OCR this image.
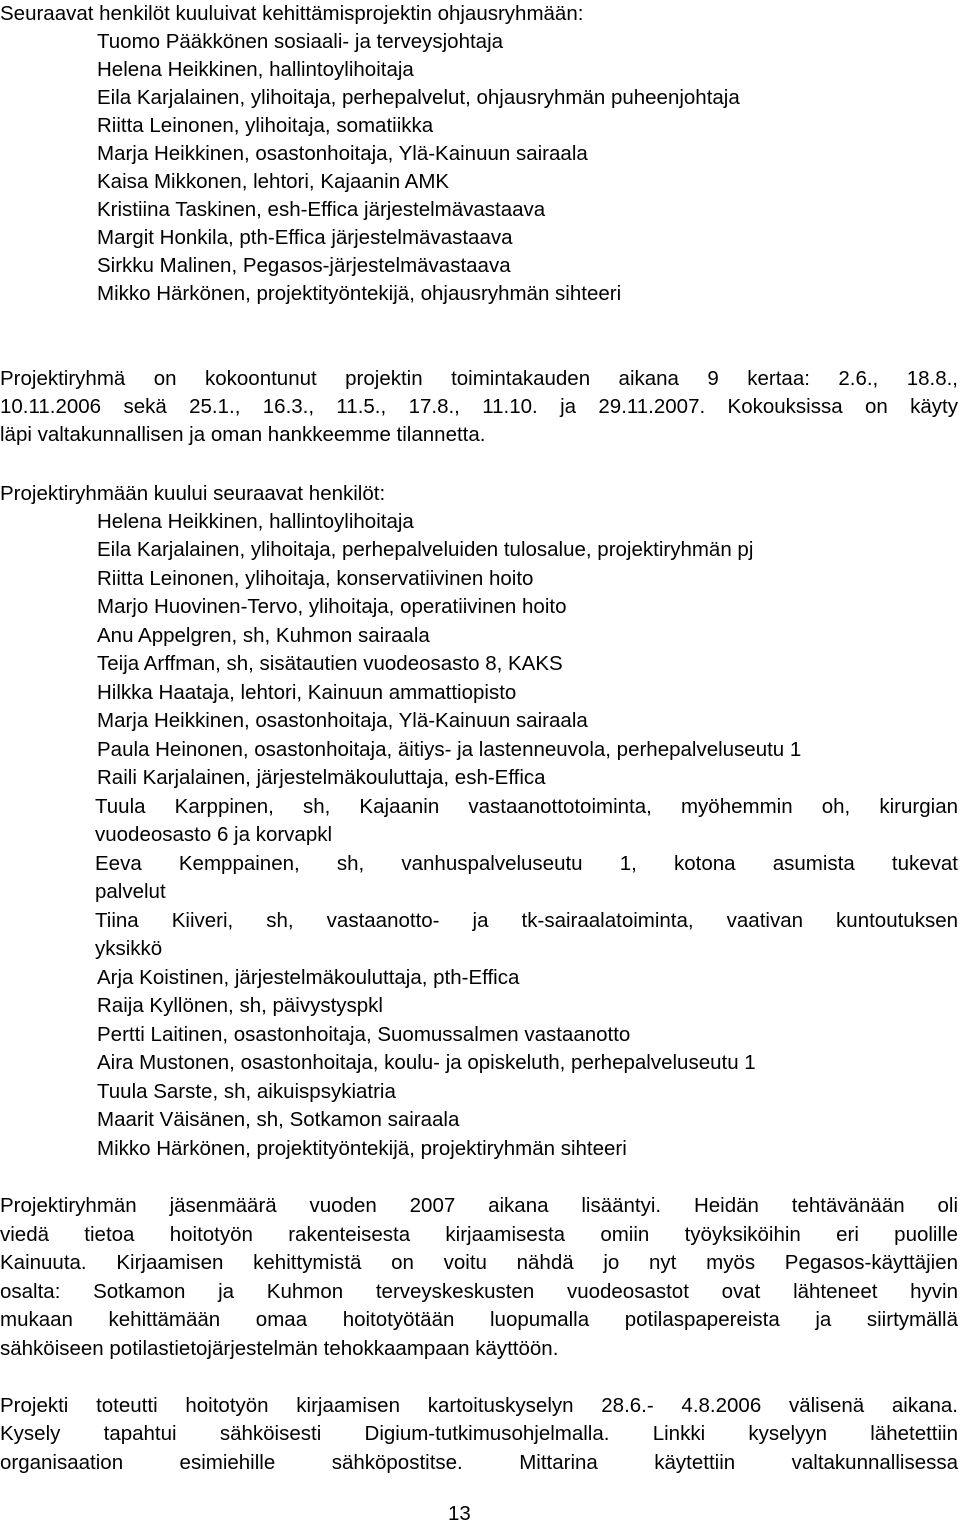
Seuraavat henkilöt kuuluivat kehittämisprojektin ohjausryhmään:
Tuomo Pääkkönen sosiaali- ja terveysjohtaja
Helena Heikkinen, hallintoylihoitaja
Eila Karjalainen, ylihoitaja, perhepalvelut, ohjausryhmän puheenjohtaja
Riitta Leinonen, ylihoitaja, somatiikka
Marja Heikkinen, osastonhoitaja, Ylä-Kainuun sairaala
Kaisa Mikkonen, lehtori, Kajaanin AMK
Kristiina Taskinen, esh-Effica järjestelmävastaava
Margit Honkila, pth-Effica järjestelmävastaava
Sirkku Malinen, Pegasos-järjestelmävastaava
Mikko Härkönen, projektityöntekijä, ohjausryhmän sihteeri
Projektiryhmä on kokoontunut projektin toimintakauden aikana 9 kertaa: 2.6., 18.8.,
10.11.2006 sekä 25.1., 16.3., 11.5., 17.8., 11.10. ja 29.11.2007. Kokouksissa on käyty
läpi valtakunnallisen ja oman hankkeemme tilannetta.
Projektiryhmään kuului seuraavat henkilöt:
Helena Heikkinen, hallintoylihoitaja
Eila Karjalainen, ylihoitaja, perhepalveluiden tulosalue, projektiryhmän pj
Riitta Leinonen, ylihoitaja, konservatiivinen hoito
Marjo Huovinen-Tervo, ylihoitaja, operatiivinen hoito
Anu Appelgren, sh, Kuhmon sairaala
Teija Arffman, sh, sisätautien vuodeosasto 8, KAKS
Hilkka Haataja, lehtori, Kainuun ammattiopisto
Marja Heikkinen, osastonhoitaja, Ylä-Kainuun sairaala
Paula Heinonen, osastonhoitaja, äitiys- ja lastenneuvola, perhepalveluseutu 1
Raili Karjalainen, järjestelmäkouluttaja, esh-Effica
Tuula Karppinen, sh, Kajaanin vastaanottotoiminta, myöhemmin oh, kirurgian
vuodeosasto 6 ja korvapkl
Eeva Kemppainen, sh, vanhuspalveluseutu 1, kotona asumista tukevat
palvelut
Tiina Kiiveri, sh, vastaanotto- ja tk-sairaalatoiminta, vaativan kuntoutuksen
yksikkö
Arja Koistinen, järjestelmäkouluttaja, pth-Effica
Raija Kyllönen, sh, päivystyspkl
Pertti Laitinen, osastonhoitaja, Suomussalmen vastaanotto
Aira Mustonen, osastonhoitaja, koulu- ja opiskeluth, perhepalveluseutu 1
Tuula Sarste, sh, aikuispsykiatria
Maarit Väisänen, sh, Sotkamon sairaala
Mikko Härkönen, projektityöntekijä, projektiryhmän sihteeri
Projektiryhmän jäsenmäärä vuoden 2007 aikana lisääntyi. Heidän tehtävänään oli
viedä tietoa hoitotyön rakenteisesta kirjaamisesta omiin työyksiköihin eri puolille
Kainuuta. Kirjaamisen kehittymistä on voitu nähdä jo nyt myös Pegasos-käyttäjien
osalta: Sotkamon ja Kuhmon terveyskeskusten vuodeosastot ovat lähteneet hyvin
mukaan kehittämään omaa hoitotyötään luopumalla potilaspapereista ja siirtymällä
sähköiseen potilastietojärjestelmän tehokkaampaan käyttöön.
Projekti toteutti hoitotyön kirjaamisen kartoituskyselyn 28.6.- 4.8.2006 välisenä aikana.
Kysely tapahtui sähköisesti Digium-tutkimusohjelmalla. Linkki kyselyyn lähetettiin
organisaation esimiehille sähköpostitse. Mittarina käytettiin valtakunnallisessa
13
